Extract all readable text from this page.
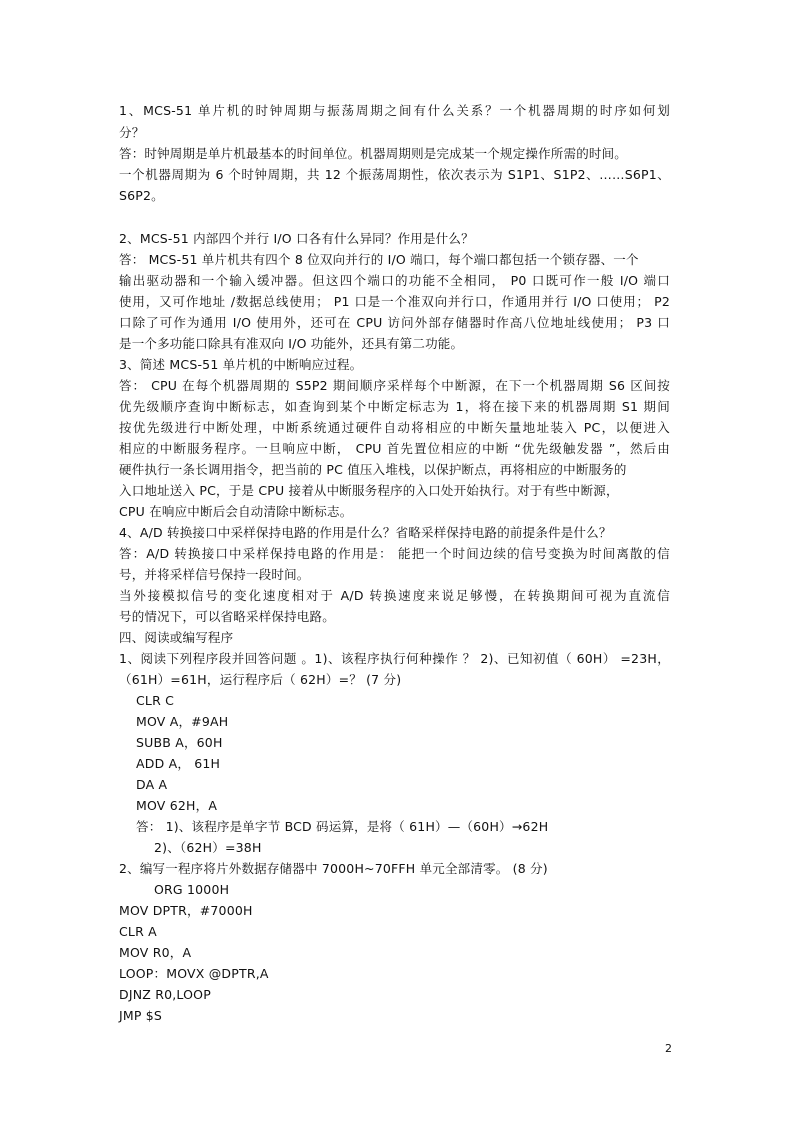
1、MCS-51 单片机的时钟周期与振荡周期之间有什么关系？一个机器周期的时序如何划
分？
答：时钟周期是单片机最基本的时间单位。机器周期则是完成某一个规定操作所需的时间。
一个机器周期为 6 个时钟周期，共 12 个振荡周期性，依次表示为 S1P1、S1P2、……S6P1、
S6P2。
2、MCS-51 内部四个并行 I/O 口各有什么异同？作用是什么？
答： MCS-51 单片机共有四个 8 位双向并行的 I/O 端口，每个端口都包括一个锁存器、一个
输出驱动器和一个输入缓冲器。但这四个端口的功能不全相同， P0 口既可作一般 I/O 端口
使用，又可作地址 /数据总线使用； P1 口是一个准双向并行口，作通用并行 I/O 口使用； P2
口除了可作为通用 I/O 使用外，还可在 CPU 访问外部存储器时作高八位地址线使用； P3 口
是一个多功能口除具有准双向 I/O 功能外，还具有第二功能。
3、简述 MCS-51 单片机的中断响应过程。
答： CPU 在每个机器周期的 S5P2 期间顺序采样每个中断源，在下一个机器周期 S6 区间按
优先级顺序查询中断标志，如查询到某个中断定标志为 1，将在接下来的机器周期 S1 期间
按优先级进行中断处理，中断系统通过硬件自动将相应的中断矢量地址装入 PC，以便进入
相应的中断服务程序。一旦响应中断， CPU 首先置位相应的中断 “优先级触发器 ”，然后由
硬件执行一条长调用指令，把当前的 PC 值压入堆栈，以保护断点，再将相应的中断服务的
入口地址送入 PC，于是 CPU 接着从中断服务程序的入口处开始执行。对于有些中断源，
CPU 在响应中断后会自动清除中断标志。
4、A/D 转换接口中采样保持电路的作用是什么？省略采样保持电路的前提条件是什么？
答：A/D 转换接口中采样保持电路的作用是： 能把一个时间边续的信号变换为时间离散的信
号，并将采样信号保持一段时间。
当外接模拟信号的变化速度相对于 A/D 转换速度来说足够慢，在转换期间可视为直流信
号的情况下，可以省略采样保持电路。
四、阅读或编写程序
1、阅读下列程序段并回答问题 。1)、该程序执行何种操作 ？ 2)、已知初值（ 60H） =23H，
（61H）=61H，运行程序后（ 62H）=？ (7 分)
CLR C
MOV A，#9AH
SUBB A，60H
ADD A， 61H
DA A
MOV 62H，A
答： 1)、该程序是单字节 BCD 码运算，是将（ 61H）—（60H）→62H
2)、（62H）=38H
2、编写一程序将片外数据存储器中 7000H~70FFH 单元全部清零。 (8 分)
ORG 1000H
MOV DPTR，#7000H
CLR A
MOV R0，A
LOOP：MOVX @DPTR,A
DJNZ R0,LOOP
JMP $S
2
